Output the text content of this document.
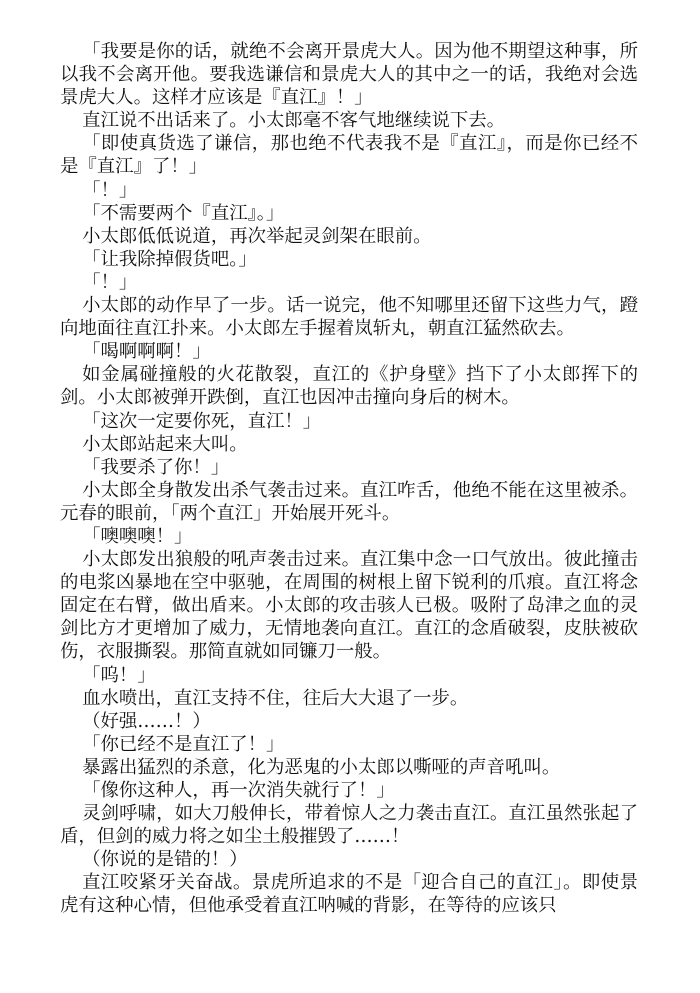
「我要是你的话，就绝不会离开景虎大人。因为他不期望这种事，所以我不会离开他。要我选谦信和景虎大人的其中之一的话，我绝对会选景虎大人。这样才应该是『直江』！」

直江说不出话来了。小太郎毫不客气地继续说下去。

「即使真货选了谦信，那也绝不代表我不是『直江』，而是你已经不是『直江』了！」

「！」

「不需要两个『直江』。」

小太郎低低说道，再次举起灵剑架在眼前。

「让我除掉假货吧。」

「！」

小太郎的动作早了一步。话一说完，他不知哪里还留下这些力气，蹬向地面往直江扑来。小太郎左手握着岚斩丸，朝直江猛然砍去。

「喝啊啊啊！」

如金属碰撞般的火花散裂，直江的《护身壁》挡下了小太郎挥下的剑。小太郎被弹开跌倒，直江也因冲击撞向身后的树木。

「这次一定要你死，直江！」

小太郎站起来大叫。

「我要杀了你！」

小太郎全身散发出杀气袭击过来。直江咋舌，他绝不能在这里被杀。元春的眼前，「两个直江」开始展开死斗。

「噢噢噢！」

小太郎发出狼般的吼声袭击过来。直江集中念一口气放出。彼此撞击的电浆凶暴地在空中驱驰，在周围的树根上留下锐利的爪痕。直江将念固定在右臂，做出盾来。小太郎的攻击骇人已极。吸附了岛津之血的灵剑比方才更增加了威力，无情地袭向直江。直江的念盾破裂，皮肤被砍伤，衣服撕裂。那简直就如同镰刀一般。

「呜！」

血水喷出，直江支持不住，往后大大退了一步。

（好强……！）

「你已经不是直江了！」

暴露出猛烈的杀意，化为恶鬼的小太郎以嘶哑的声音吼叫。

「像你这种人，再一次消失就行了！」

灵剑呼啸，如大刀般伸长，带着惊人之力袭击直江。直江虽然张起了盾，但剑的威力将之如尘土般摧毁了……！

（你说的是错的！）

直江咬紧牙关奋战。景虎所追求的不是「迎合自己的直江」。即使景虎有这种心情，但他承受着直江呐喊的背影，在等待的应该只
